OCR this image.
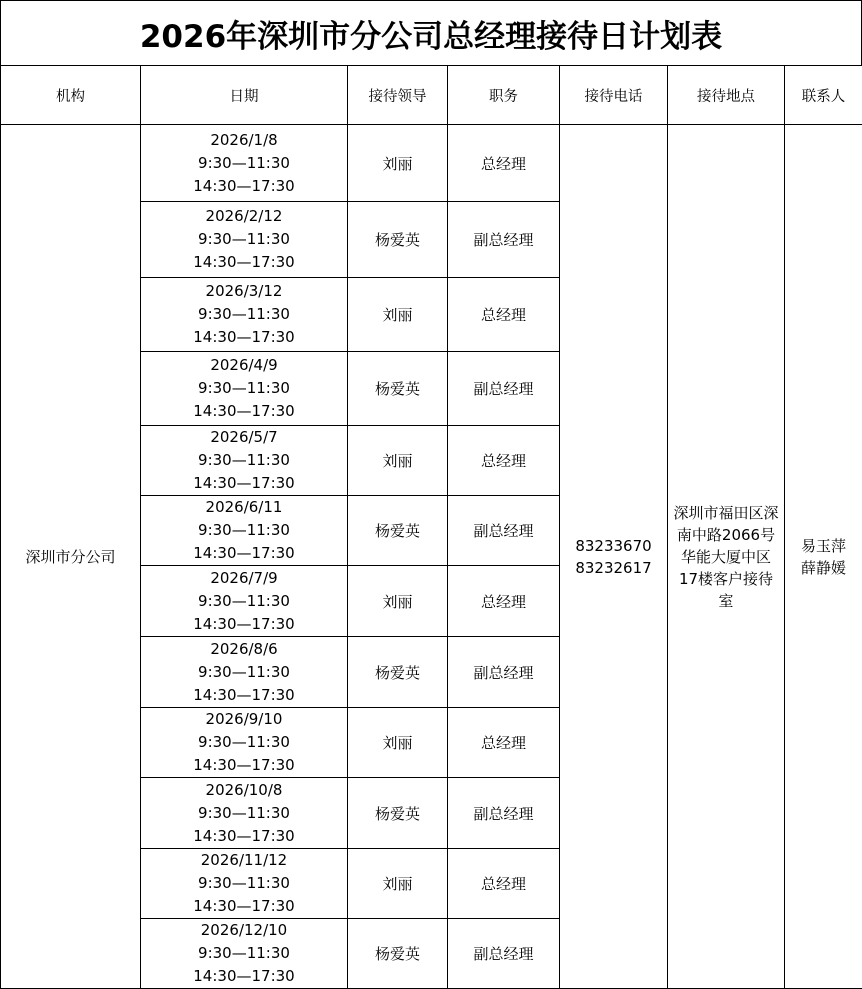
2026年深圳市分公司总经理接待日计划表
机构	日期	接待领导	职务	接待电话	接待地点	联系人
深圳市分公司	2026/1/8
9:30—11:30
14:30—17:30	刘丽	总经理	83233670
83232617	深圳市福田区深
南中路2066号
华能大厦中区
17楼客户接待
室	易玉萍
薛静媛

	2026/2/12
9:30—11:30
14:30—17:30	杨爱英	副总经理			

	2026/3/12
9:30—11:30
14:30—17:30	刘丽	总经理			

	2026/4/9
9:30—11:30
14:30—17:30	杨爱英	副总经理			

	2026/5/7
9:30—11:30
14:30—17:30	刘丽	总经理			

	2026/6/11
9:30—11:30
14:30—17:30	杨爱英	副总经理			

	2026/7/9
9:30—11:30
14:30—17:30	刘丽	总经理			

	2026/8/6
9:30—11:30
14:30—17:30	杨爱英	副总经理			

	2026/9/10
9:30—11:30
14:30—17:30	刘丽	总经理			

	2026/10/8
9:30—11:30
14:30—17:30	杨爱英	副总经理			

	2026/11/12
9:30—11:30
14:30—17:30	刘丽	总经理			

	2026/12/10
9:30—11:30
14:30—17:30	杨爱英	副总经理			
